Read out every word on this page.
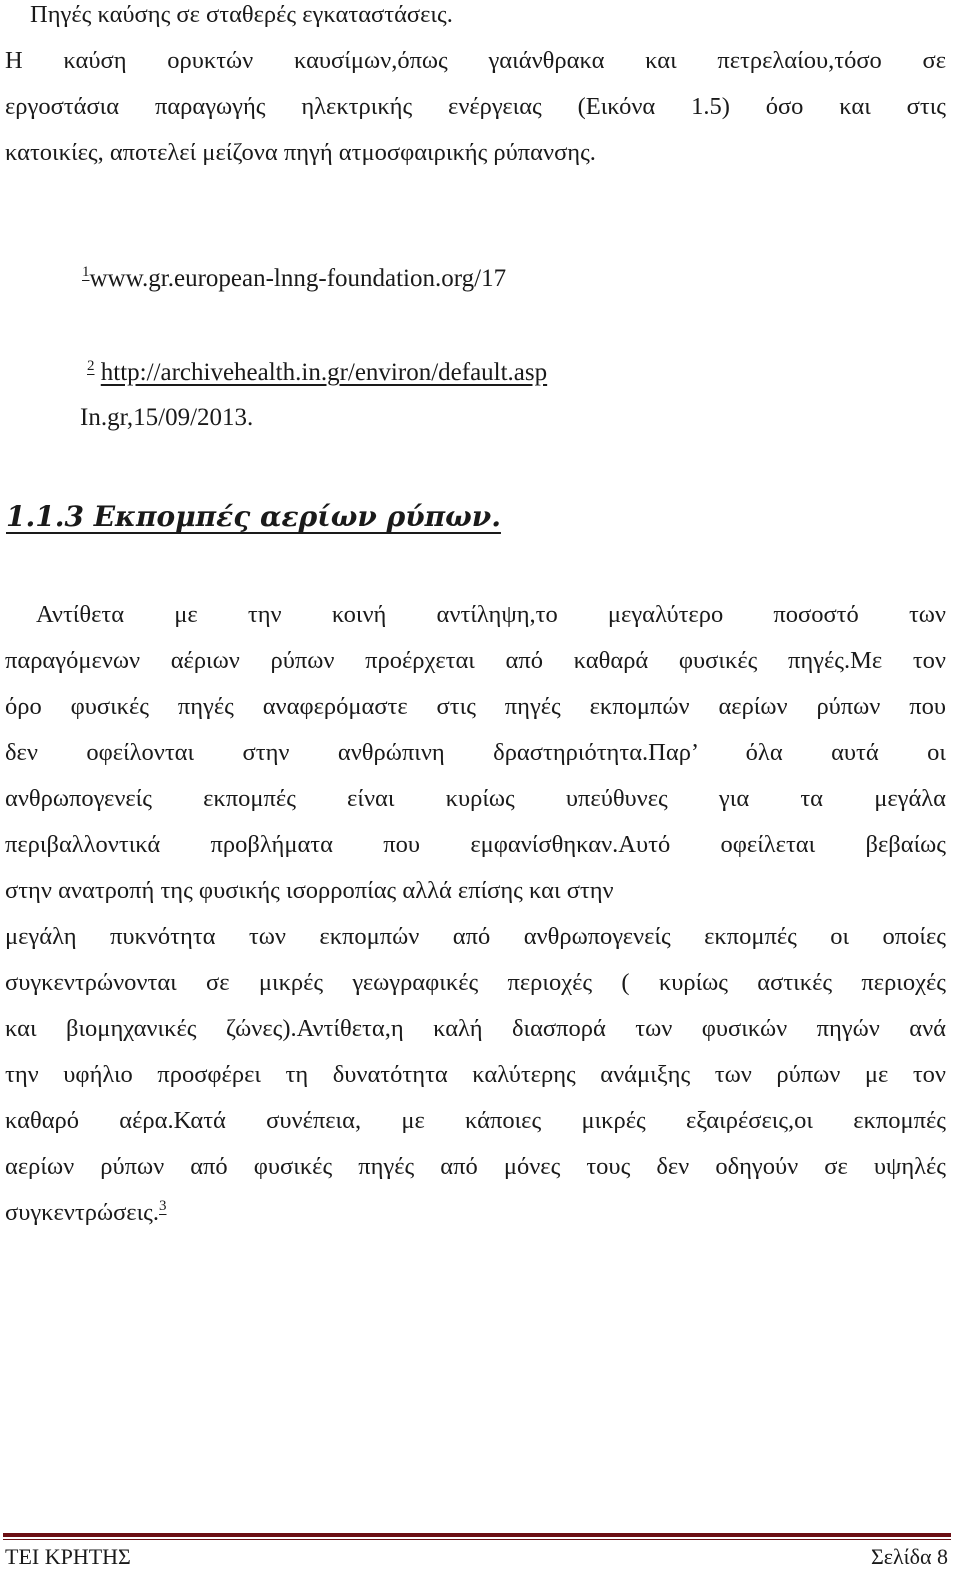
Πηγές καύσης σε σταθερές εγκαταστάσεις.
Η καύση ορυκτών καυσίμων,όπως γαιάνθρακα και πετρελαίου,τόσο σε
εργοστάσια παραγωγής ηλεκτρικής ενέργειας (Εικόνα 1.5) όσο και στις
κατοικίες, αποτελεί μείζονα πηγή ατμοσφαιρικής ρύπανσης.
$^1$www.gr.european-lnng-foundation.org/17
$^2$ http://archivehealth.in.gr/environ/default.asp
In.gr,15/09/2013.
1.1.3 Εκπομπές αερίων ρύπων.
Αντίθετα με την κοινή αντίληψη,το μεγαλύτερο ποσοστό των
παραγόμενων αέριων ρύπων προέρχεται από καθαρά φυσικές πηγές.Με τον
όρο φυσικές πηγές αναφερόμαστε στις πηγές εκπομπών αερίων ρύπων που
δεν οφείλονται στην ανθρώπινη δραστηριότητα.Παρ’ όλα αυτά οι
ανθρωπογενείς εκπομπές είναι κυρίως υπεύθυνες για τα μεγάλα
περιβαλλοντικά προβλήματα που εμφανίσθηκαν.Αυτό οφείλεται βεβαίως
στην ανατροπή της φυσικής ισορροπίας αλλά επίσης και στην
μεγάλη πυκνότητα των εκπομπών από ανθρωπογενείς εκπομπές οι οποίες
συγκεντρώνονται σε μικρές γεωγραφικές περιοχές ( κυρίως αστικές περιοχές
και βιομηχανικές ζώνες).Αντίθετα,η καλή διασπορά των φυσικών πηγών ανά
την υφήλιο προσφέρει τη δυνατότητα καλύτερης ανάμιξης των ρύπων με τον
καθαρό αέρα.Κατά συνέπεια, με κάποιες μικρές εξαιρέσεις,οι εκπομπές
αερίων ρύπων από φυσικές πηγές από μόνες τους δεν οδηγούν σε υψηλές
συγκεντρώσεις.$^3$
ΤΕΙ ΚΡΗΤΗΣ	Σελίδα 8
